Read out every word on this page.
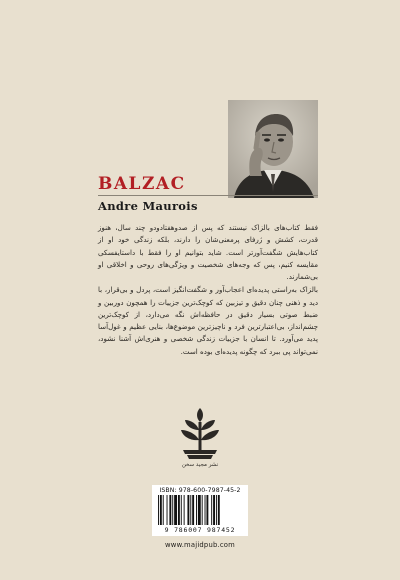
BALZAC
Andre Maurois

فقط کتاب‌های بالزاک نیستند که پس از صدوهفتادودو چند سال، هنوز قدرت، کشش و ژرفای پرمعنی‌شان را دارند، بلکه زندگی خود او از کتاب‌هایش شگفت‌آورتر است. شاید بتوانیم او را فقط با داستایفسکی مقایسه کنیم، پس که وجه‌های شخصیت و ویژگی‌های روحی و اخلاقی او بی‌شمارند.

بالزاک به‌راستی پدیده‌ای اعجاب‌آور و شگفت‌انگیز است، پردل و بی‌قرار، با دید و ذهنی چنان دقیق و تیزبین که کوچک‌ترین جزییات را همچون دوربین و ضبط صوتی بسیار دقیق در حافظه‌اش نگه می‌دارد، از کوچک‌ترین چشم‌انداز، بی‌اعتبارترین فرد و ناچیزترین موضوع‌ها، بنایی عظیم و غول‌آسا پدید می‌آورد. تا انسان با جزییات زندگی شخصی و هنری‌اش آشنا نشود، نمی‌تواند پی ببرد که چگونه پدیده‌ای بوده است.

نشر مجید سخن
ISBN: 978-600-7987-45-2
9 786007 987452
www.majidpub.com
